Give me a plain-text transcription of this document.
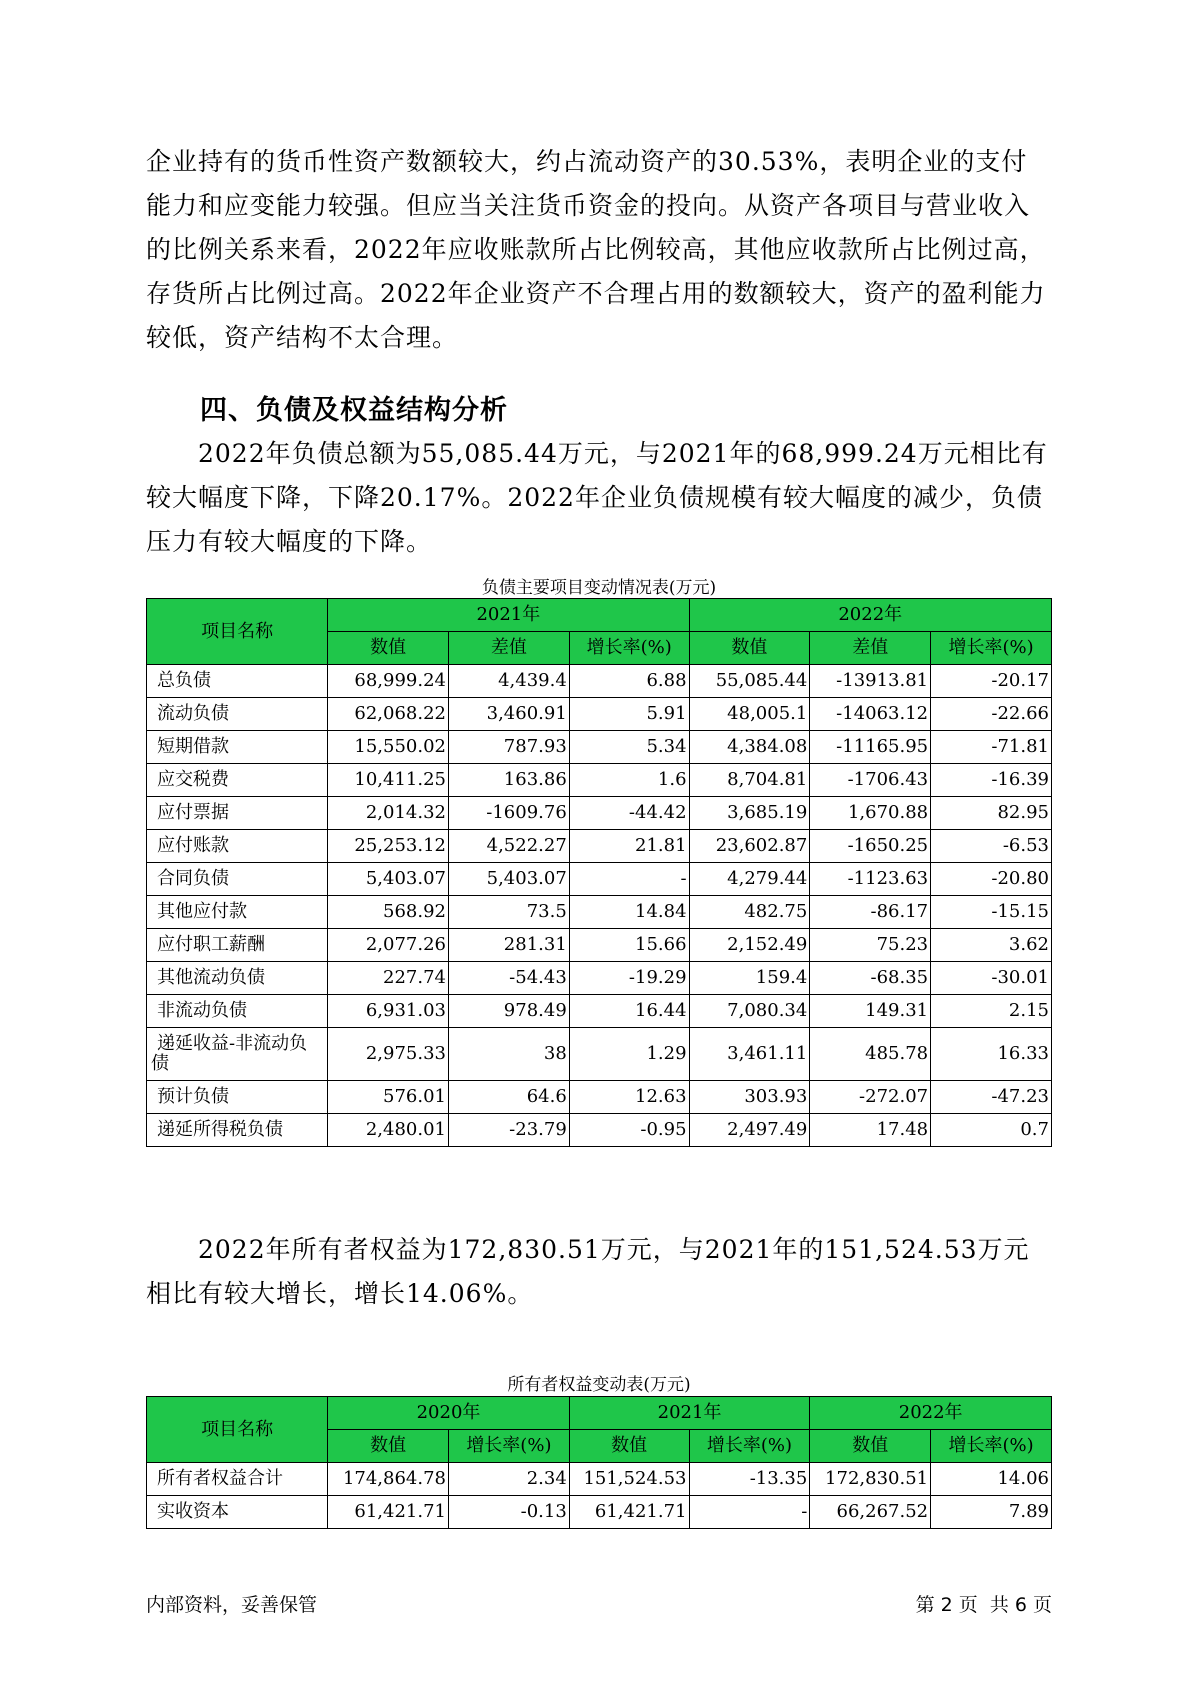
企业持有的货币性资产数额较大，约占流动资产的30.53%，表明企业的支付能力和应变能力较强。但应当关注货币资金的投向。从资产各项目与营业收入的比例关系来看，2022年应收账款所占比例较高，其他应收款所占比例过高，存货所占比例过高。2022年企业资产不合理占用的数额较大，资产的盈利能力较低，资产结构不太合理。

四、负债及权益结构分析

2022年负债总额为55,085.44万元，与2021年的68,999.24万元相比有较大幅度下降，下降20.17%。2022年企业负债规模有较大幅度的减少，负债压力有较大幅度的下降。

负债主要项目变动情况表(万元)

项目名称	2021年			2022年		
	数值	差值	增长率(%)	数值	差值	增长率(%)
总负债	68,999.24	4,439.4	6.88	55,085.44	-13913.81	-20.17
流动负债	62,068.22	3,460.91	5.91	48,005.1	-14063.12	-22.66
短期借款	15,550.02	787.93	5.34	4,384.08	-11165.95	-71.81
应交税费	10,411.25	163.86	1.6	8,704.81	-1706.43	-16.39
应付票据	2,014.32	-1609.76	-44.42	3,685.19	1,670.88	82.95
应付账款	25,253.12	4,522.27	21.81	23,602.87	-1650.25	-6.53
合同负债	5,403.07	5,403.07	-	4,279.44	-1123.63	-20.80
其他应付款	568.92	73.5	14.84	482.75	-86.17	-15.15
应付职工薪酬	2,077.26	281.31	15.66	2,152.49	75.23	3.62
其他流动负债	227.74	-54.43	-19.29	159.4	-68.35	-30.01
非流动负债	6,931.03	978.49	16.44	7,080.34	149.31	2.15
递延收益-非流动负债	2,975.33	38	1.29	3,461.11	485.78	16.33
预计负债	576.01	64.6	12.63	303.93	-272.07	-47.23
递延所得税负债	2,480.01	-23.79	-0.95	2,497.49	17.48	0.7

2022年所有者权益为172,830.51万元，与2021年的151,524.53万元相比有较大增长，增长14.06%。

所有者权益变动表(万元)

项目名称	2020年		2021年		2022年	
	数值	增长率(%)	数值	增长率(%)	数值	增长率(%)
所有者权益合计	174,864.78	2.34	151,524.53	-13.35	172,830.51	14.06
实收资本	61,421.71	-0.13	61,421.71	-	66,267.52	7.89
内部资料，妥善保管	第 2 页  共 6 页
